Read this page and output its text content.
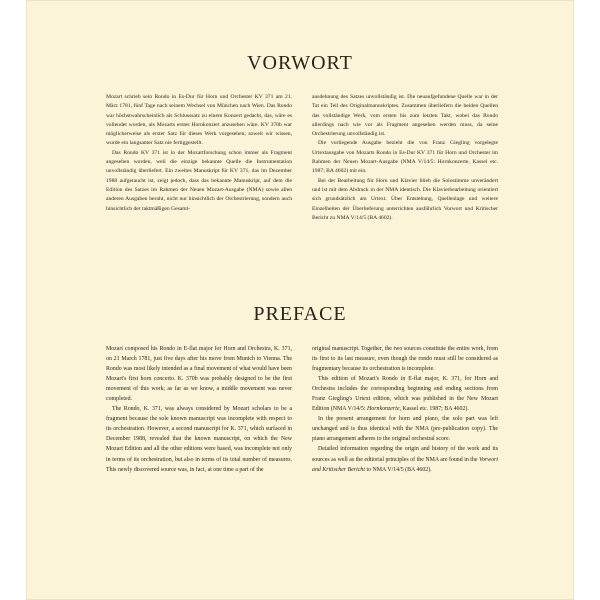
VORWORT

Mozart schrieb sein Rondo in Es-Dur für Horn und Orchester KV 371 am 21. März 1781, fünf Tage nach seinem Wechsel von München nach Wien. Das Rondo war höchstwahrscheinlich als Schlusssatz zu einem Konzert gedacht, das, wäre es vollendet worden, als Mozarts erstes Hornkonzert anzusehen wäre. KV 370b war möglicherweise als erster Satz für dieses Werk vorgesehen; soweit wir wissen, wurde ein langsamer Satz nie fertiggestellt.

Das Rondo KV 371 ist in der Mozartforschung schon immer als Fragment angesehen worden, weil die einzige bekannte Quelle die Instrumentation unvollständig überliefert. Ein zweites Manuskript für KV 371, das im Dezember 1988 aufgetaucht ist, zeigt jedoch, dass das bekannte Manuskript, auf dem die Edition des Satzes im Rahmen der Neuen Mozart-Ausgabe (NMA) sowie allen anderen Ausgaben beruht, nicht nur hinsichtlich der Orchestrierung, sondern auch hinsichtlich der taktmäßigen Gesamt-

ausdehnung des Satzes unvollständig ist. Die neuaufgefundene Quelle war in der Tat ein Teil des Originalmanuskriptes. Zusammen überliefern die beiden Quellen das vollständige Werk, vom ersten bis zum letzten Takt, wobei das Rondo allerdings nach wie vor als Fragment angesehen werden muss, da seine Orchestrierung unvollständig ist.

Die vorliegende Ausgabe bezieht die von Franz Giegling vorgelegte Urtextausgabe von Mozarts Rondo in Es-Dur KV 371 für Horn und Orchester im Rahmen der Neuen Mozart-Ausgabe (NMA V/14/5: Hornkonzerte, Kassel etc. 1987; BA 4602) mit ein.

Bei der Bearbeitung für Horn und Klavier blieb die Solostimme unverändert und ist mit dem Abdruck in der NMA identisch. Die Klavierbearbeitung orientiert sich grundsätzlich am Urtext. Über Entstehung, Quellenlage und weitere Einzelheiten der Überlieferung unterrichten ausführlich Vorwort und Kritischer Bericht zu NMA V/14/5 (BA 4602).

PREFACE

Mozart composed his Rondo in E-flat major for Horn and Orchestra, K. 371, on 21 March 1781, just five days after his move from Munich to Vienna. The Rondo was most likely intended as a final movement of what would have been Mozart's first horn concerto. K. 370b was probably designed to be the first movement of this work; as far as we know, a middle movement was never completed.

The Rondo, K. 371, was always considered by Mozart scholars to be a fragment because the sole known manuscript was incomplete with respect to its orchestration. However, a second manuscript for K. 371, which surfaced in December 1988, revealed that the known manuscript, on which the New Mozart Edition and all the other editions were based, was incomplete not only in terms of its orchestration, but also in terms of its total number of measures. This newly discovered source was, in fact, at one time a part of the

original manuscript. Together, the two sources constitute the entire work, from its first to its last measure, even though the rondo must still be considered as fragmentary because its orchestration is incomplete.

This edition of Mozart's Rondo in E-flat major, K. 371, for Horn and Orchestra includes the corresponding beginning and ending sections from Franz Giegling's Urtext edition, which was published in the New Mozart Edition (NMA V/14/5: Hornkonzerte, Kassel etc. 1987; BA 4602).

In the present arrangement for horn and piano, the solo part was left unchanged and is thus identical with the NMA (pre-publication copy). The piano arrangement adheres to the original orchestral score.

Detailed information regarding the origin and history of the work and its sources as well as the editorial principles of the NMA are found in the Vorwort and Kritischer Bericht to NMA V/14/5 (BA 4602).
